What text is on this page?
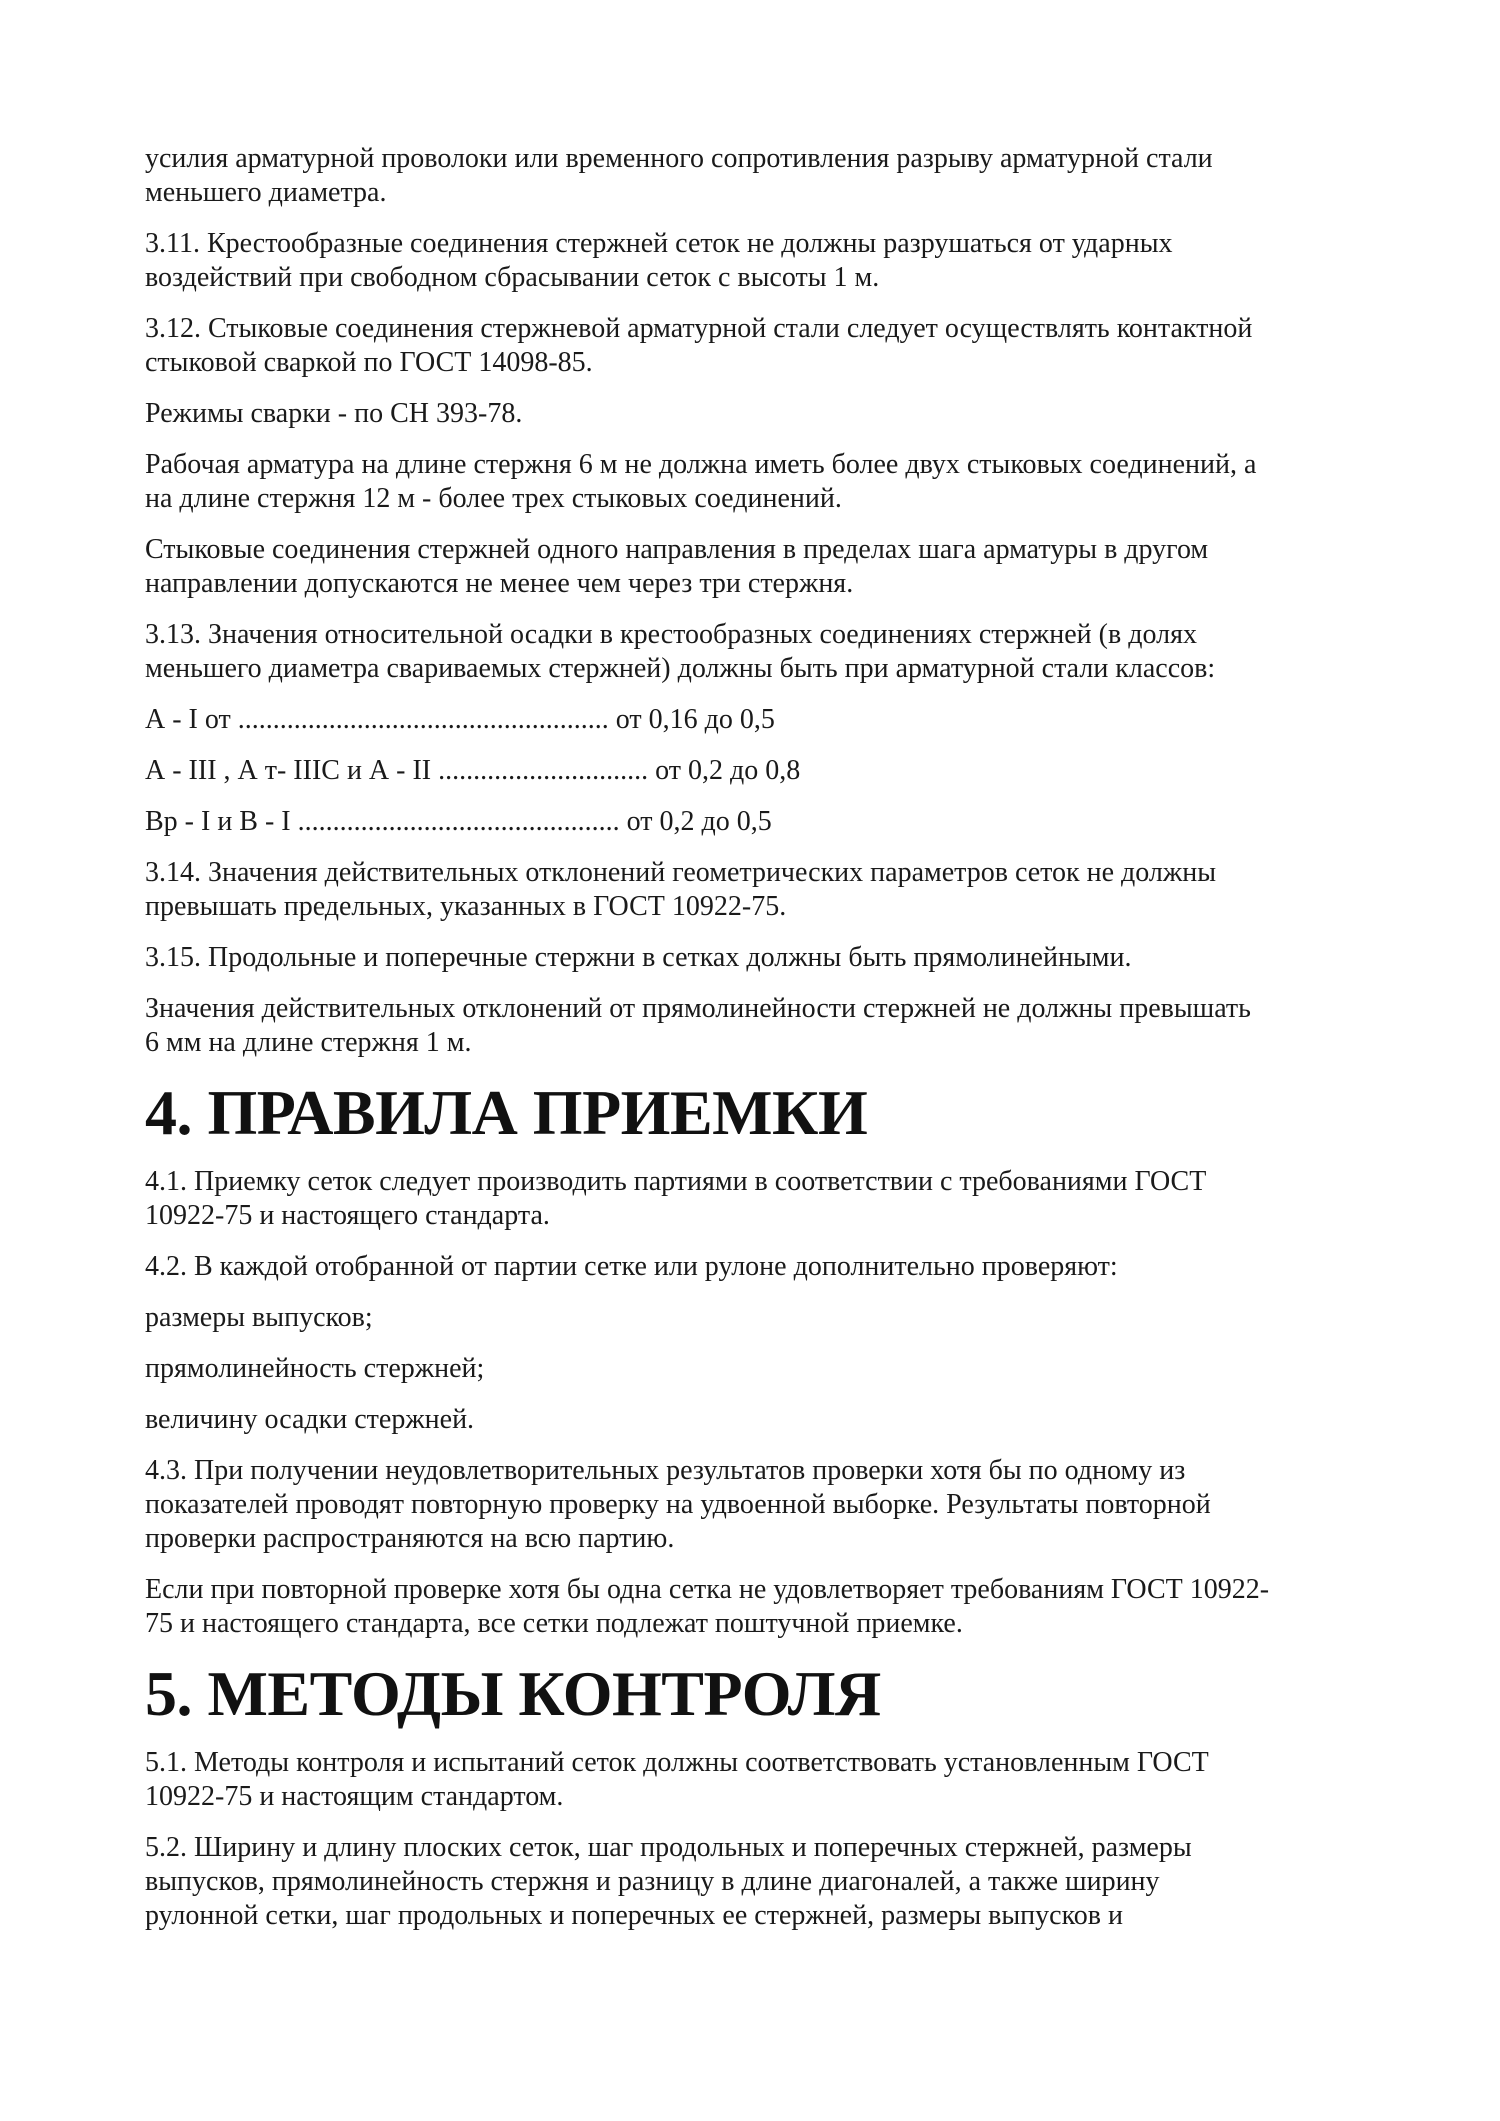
усилия арматурной проволоки или временного сопротивления разрыву арматурной стали
меньшего диаметра.
3.11. Крестообразные соединения стержней сеток не должны разрушаться от ударных
воздействий при свободном сбрасывании сеток с высоты 1 м.
3.12. Стыковые соединения стержневой арматурной стали следует осуществлять контактной
стыковой сваркой по ГОСТ 14098-85.
Режимы сварки - по СН 393-78.
Рабочая арматура на длине стержня 6 м не должна иметь более двух стыковых соединений, а
на длине стержня 12 м - более трех стыковых соединений.
Стыковые соединения стержней одного направления в пределах шага арматуры в другом
направлении допускаются не менее чем через три стержня.
3.13. Значения относительной осадки в крестообразных соединениях стержней (в долях
меньшего диаметра свариваемых стержней) должны быть при арматурной стали классов:
А - I от ..................................................... от 0,16 до 0,5
А - III , А т- IIIС и А - II .............................. от 0,2 до 0,8
Вр - I и В - I .............................................. от 0,2 до 0,5
3.14. Значения действительных отклонений геометрических параметров сеток не должны
превышать предельных, указанных в ГОСТ 10922-75.
3.15. Продольные и поперечные стержни в сетках должны быть прямолинейными.
Значения действительных отклонений от прямолинейности стержней не должны превышать
6 мм на длине стержня 1 м.
4. ПРАВИЛА ПРИЕМКИ
4.1. Приемку сеток следует производить партиями в соответствии с требованиями ГОСТ
10922-75 и настоящего стандарта.
4.2. В каждой отобранной от партии сетке или рулоне дополнительно проверяют:
размеры выпусков;
прямолинейность стержней;
величину осадки стержней.
4.3. При получении неудовлетворительных результатов проверки хотя бы по одному из
показателей проводят повторную проверку на удвоенной выборке. Результаты повторной
проверки распространяются на всю партию.
Если при повторной проверке хотя бы одна сетка не удовлетворяет требованиям ГОСТ 10922-
75 и настоящего стандарта, все сетки подлежат поштучной приемке.
5. МЕТОДЫ КОНТРОЛЯ
5.1. Методы контроля и испытаний сеток должны соответствовать установленным ГОСТ
10922-75 и настоящим стандартом.
5.2. Ширину и длину плоских сеток, шаг продольных и поперечных стержней, размеры
выпусков, прямолинейность стержня и разницу в длине диагоналей, а также ширину
рулонной сетки, шаг продольных и поперечных ее стержней, размеры выпусков и
